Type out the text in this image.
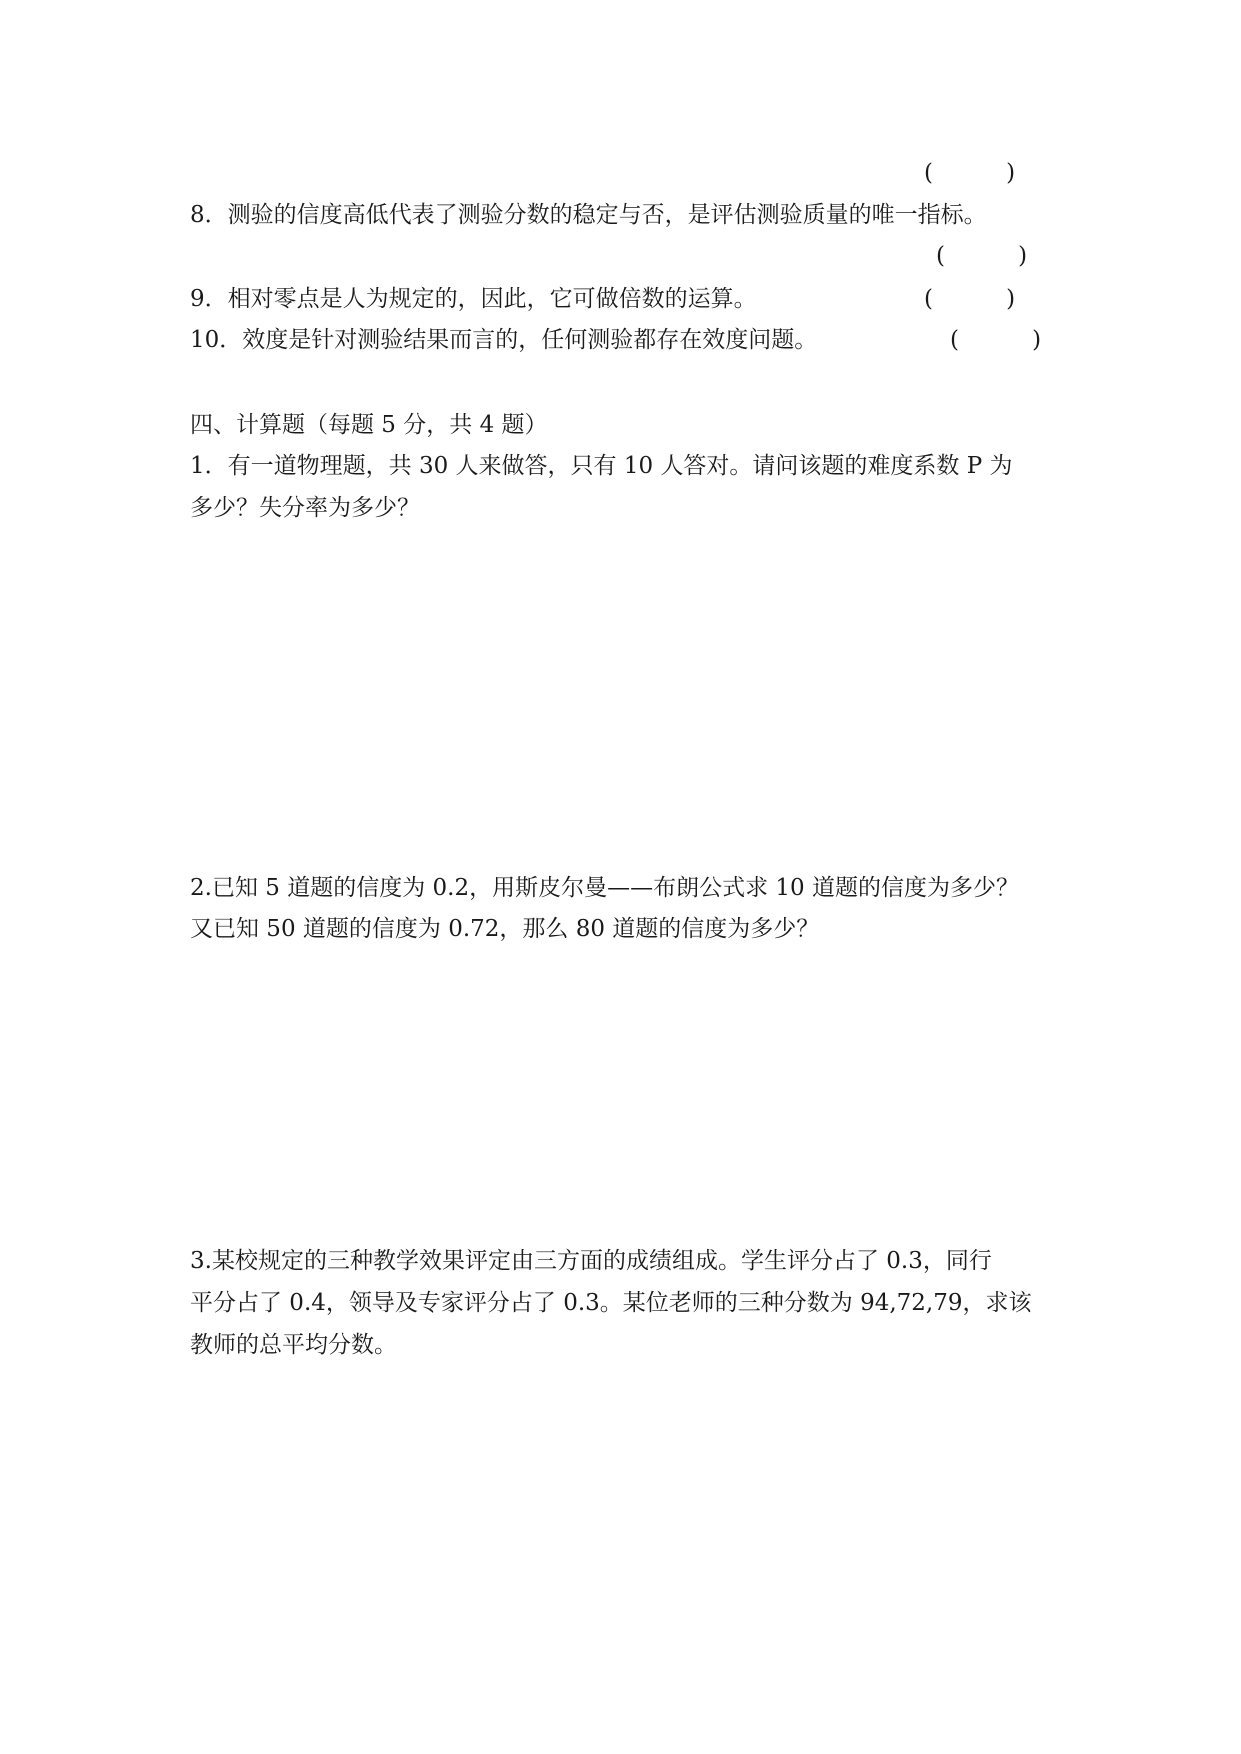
(          )
8．测验的信度高低代表了测验分数的稳定与否，是评估测验质量的唯一指标。
(          )
9．相对零点是人为规定的，因此，它可做倍数的运算。	(          )
10．效度是针对测验结果而言的，任何测验都存在效度问题。	(          )
四、计算题（每题 5 分，共 4 题）
1．有一道物理题，共 30 人来做答，只有 10 人答对。请问该题的难度系数 P 为
多少？失分率为多少？
2.已知 5 道题的信度为 0.2，用斯皮尔曼——布朗公式求 10 道题的信度为多少？
又已知 50 道题的信度为 0.72，那么 80 道题的信度为多少？
3.某校规定的三种教学效果评定由三方面的成绩组成。学生评分占了 0.3，同行
平分占了 0.4，领导及专家评分占了 0.3。某位老师的三种分数为 94,72,79，求该
教师的总平均分数。
